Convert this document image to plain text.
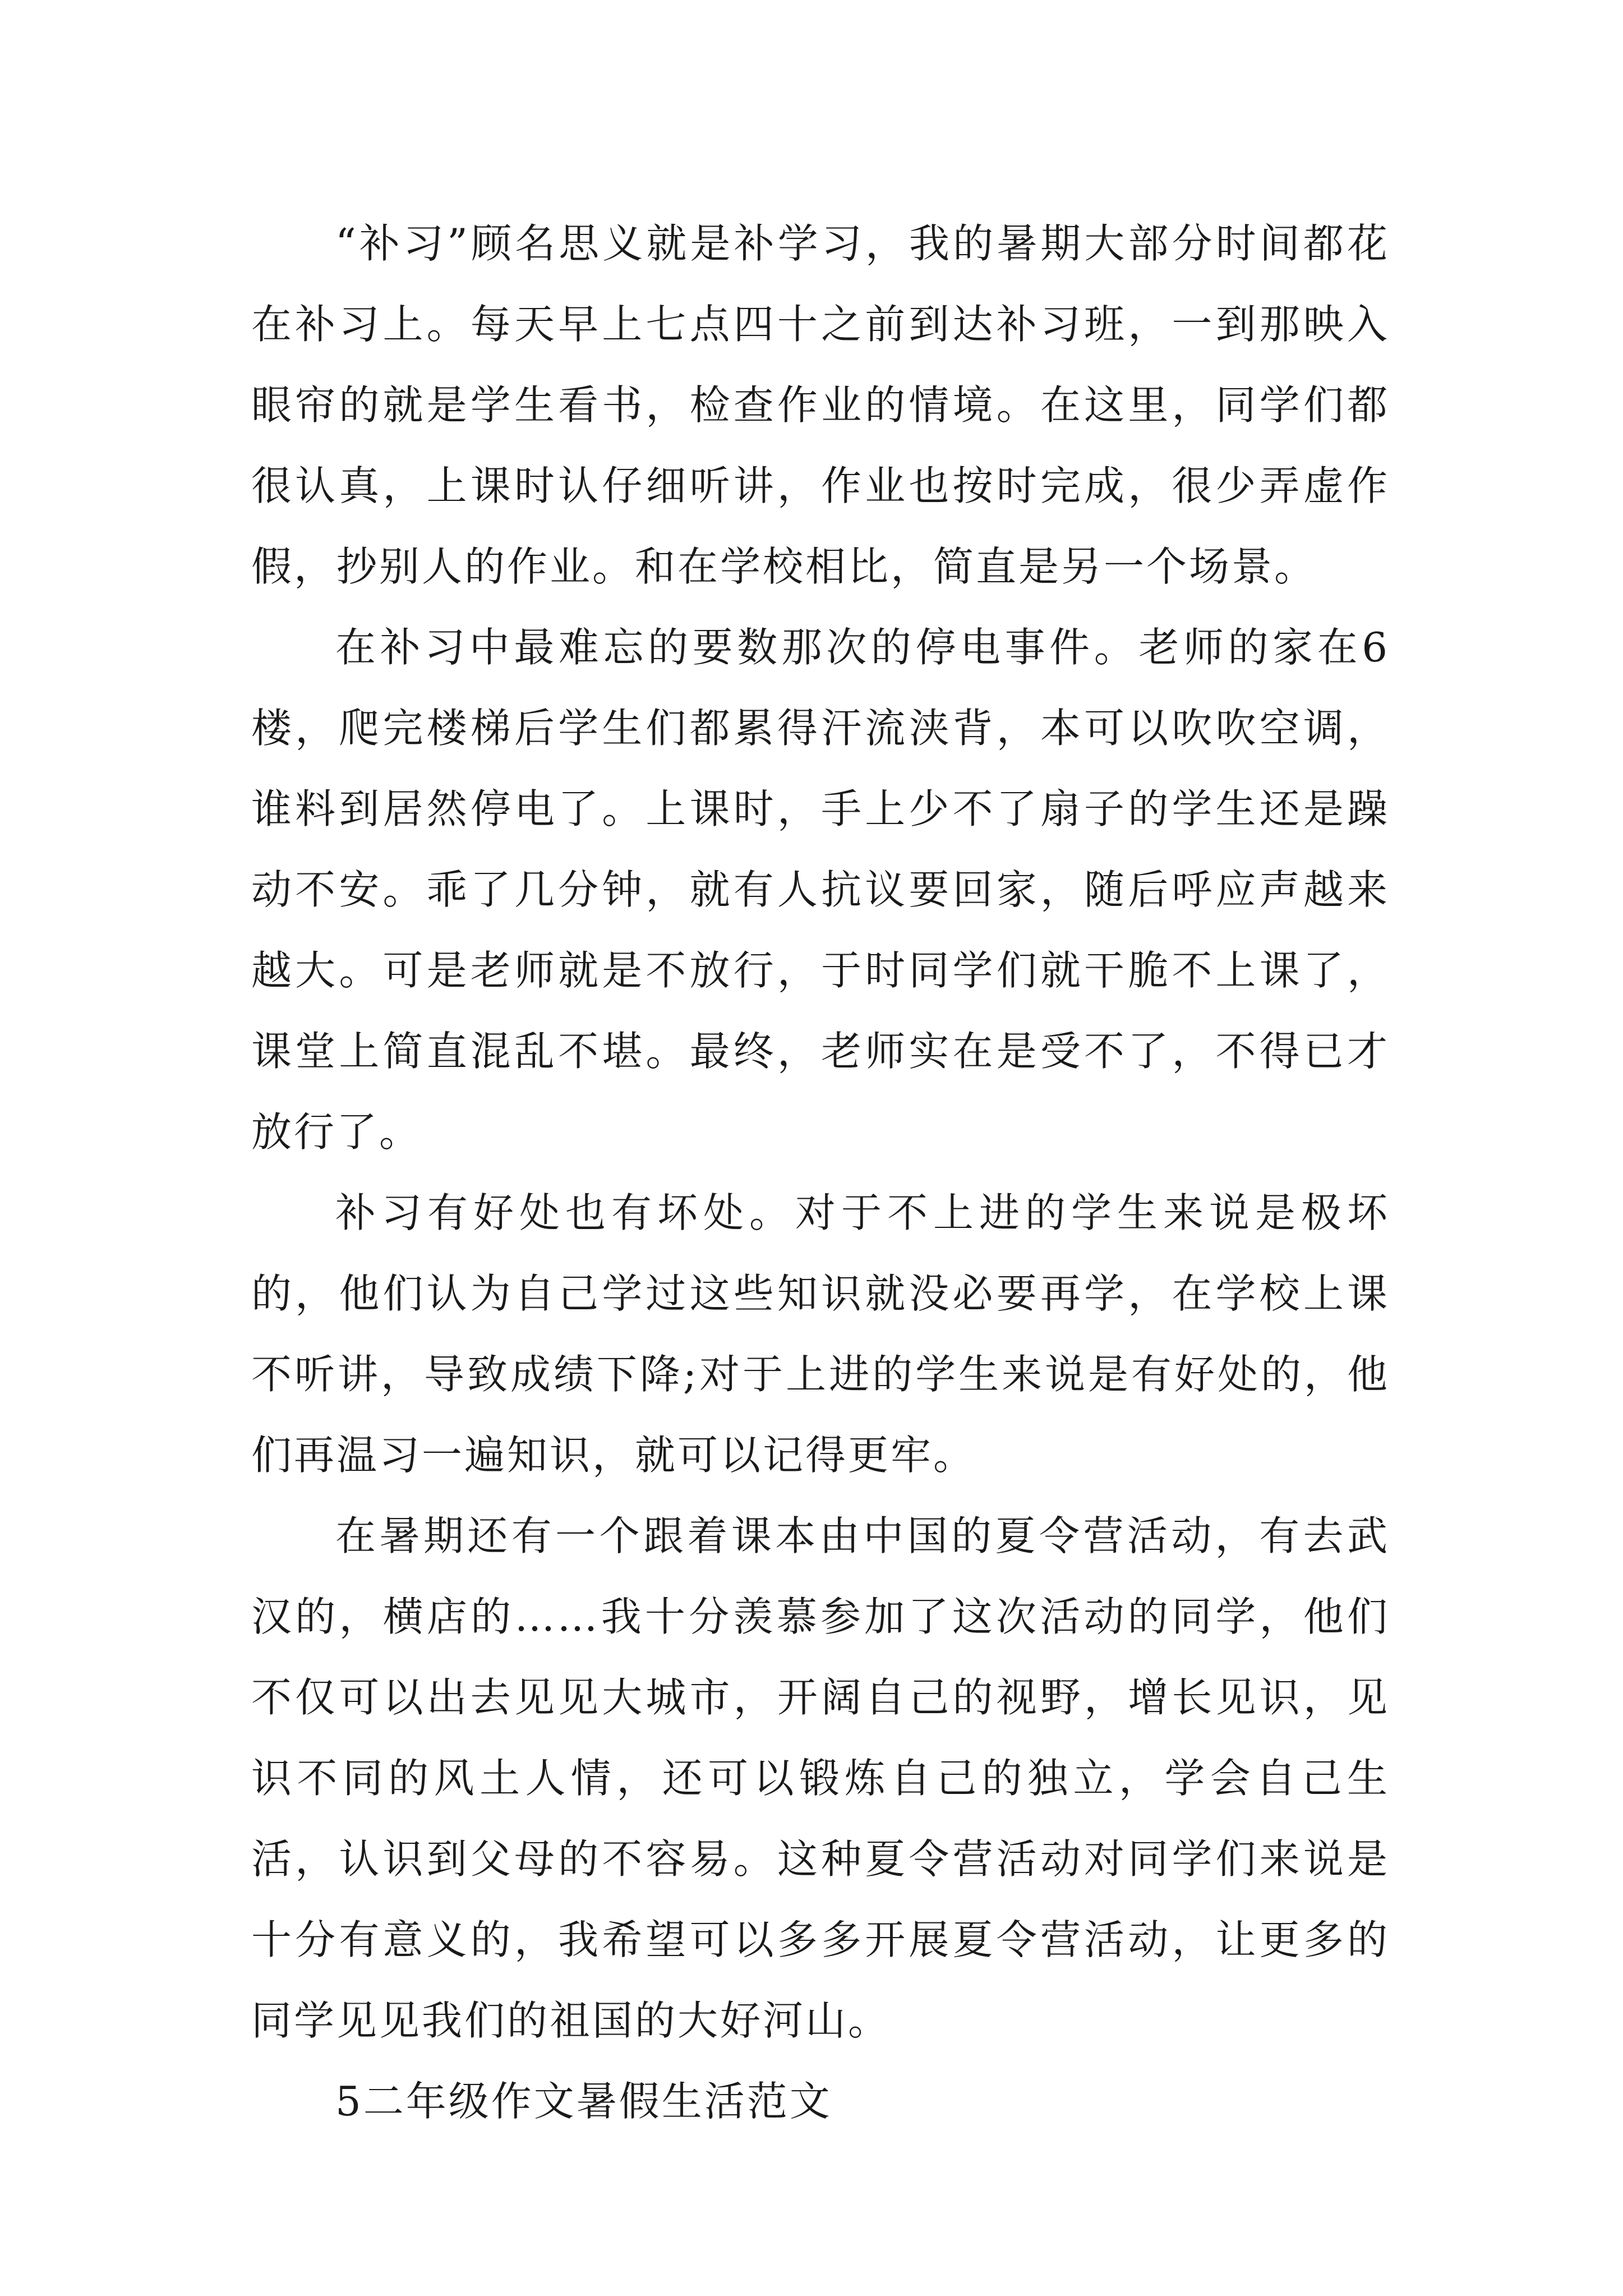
“补习”顾名思义就是补学习，我的暑期大部分时间都花在补习上。每天早上七点四十之前到达补习班，一到那映入眼帘的就是学生看书，检查作业的情境。在这里，同学们都很认真，上课时认仔细听讲，作业也按时完成，很少弄虚作假，抄别人的作业。和在学校相比，简直是另一个场景。

在补习中最难忘的要数那次的停电事件。老师的家在6楼，爬完楼梯后学生们都累得汗流浃背，本可以吹吹空调，谁料到居然停电了。上课时，手上少不了扇子的学生还是躁动不安。乖了几分钟，就有人抗议要回家，随后呼应声越来越大。可是老师就是不放行，于时同学们就干脆不上课了，课堂上简直混乱不堪。最终，老师实在是受不了，不得已才放行了。

补习有好处也有坏处。对于不上进的学生来说是极坏的，他们认为自己学过这些知识就没必要再学，在学校上课不听讲，导致成绩下降;对于上进的学生来说是有好处的，他们再温习一遍知识，就可以记得更牢。

在暑期还有一个跟着课本由中国的夏令营活动，有去武汉的，横店的……我十分羡慕参加了这次活动的同学，他们不仅可以出去见见大城市，开阔自己的视野，增长见识，见识不同的风土人情，还可以锻炼自己的独立，学会自己生活，认识到父母的不容易。这种夏令营活动对同学们来说是十分有意义的，我希望可以多多开展夏令营活动，让更多的同学见见我们的祖国的大好河山。

5二年级作文暑假生活范文
